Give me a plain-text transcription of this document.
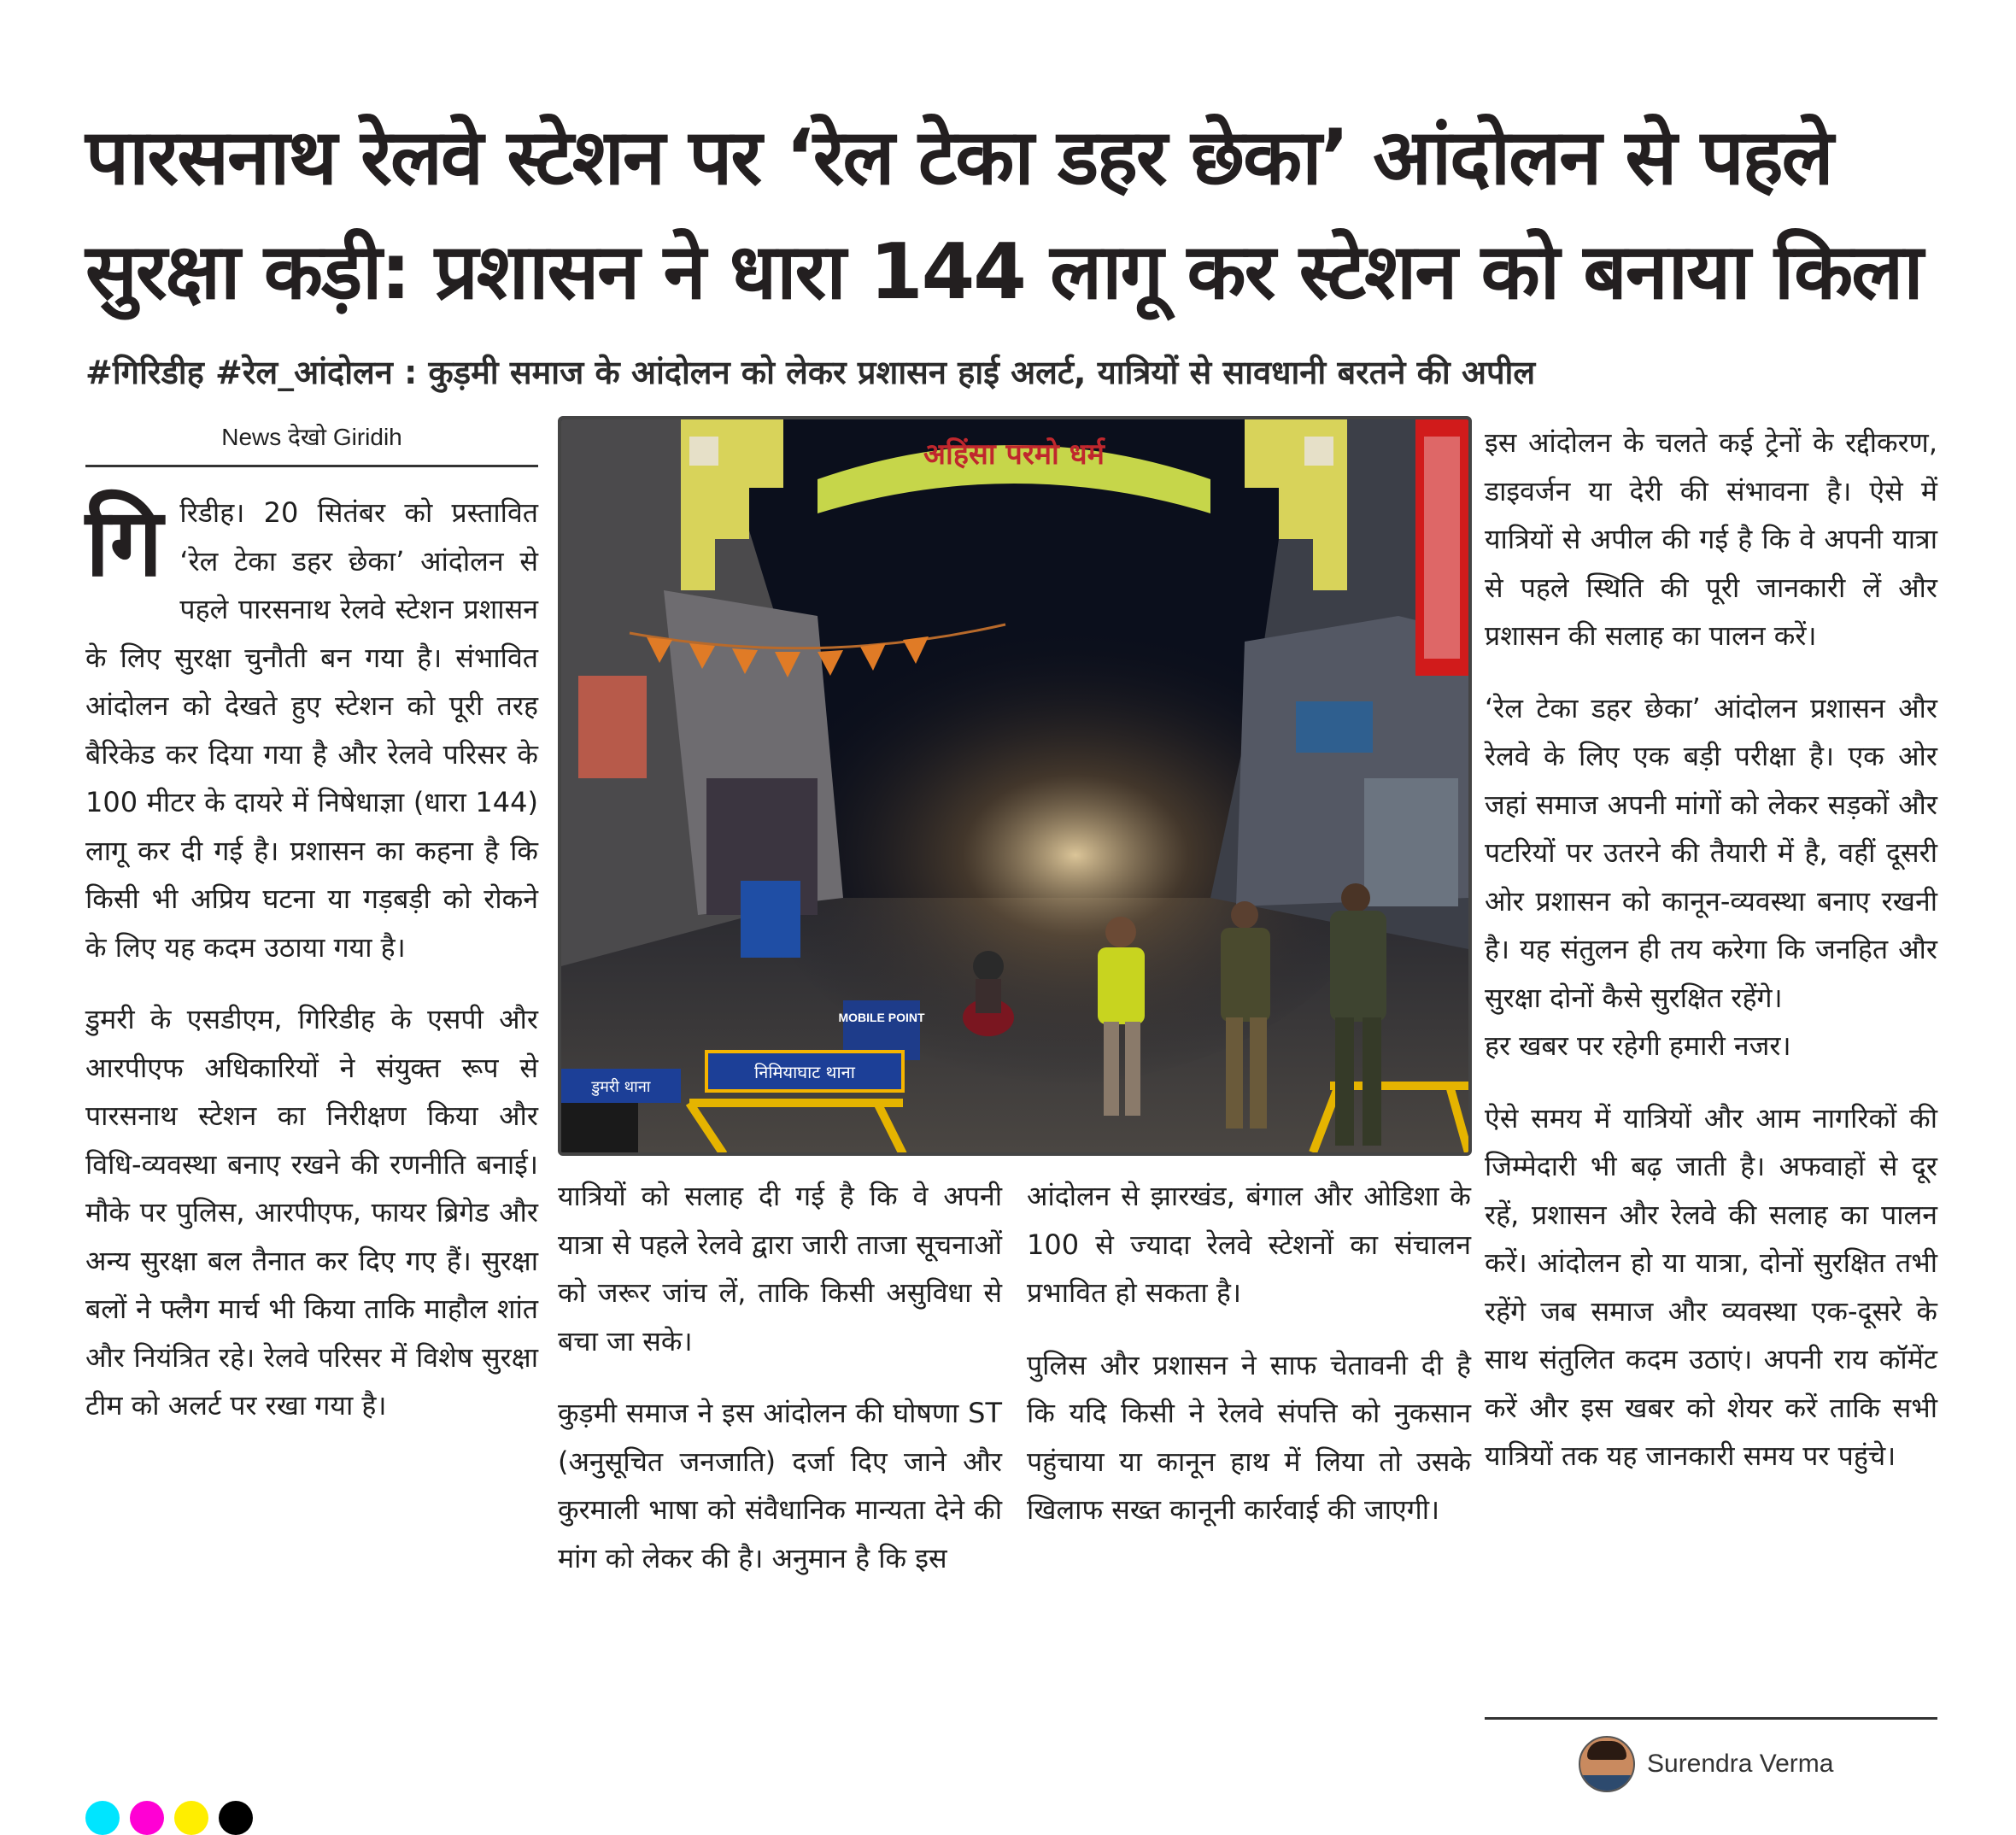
पारसनाथ रेलवे स्टेशन पर ‘रेल टेका डहर छेका’ आंदोलन से पहले सुरक्षा कड़ी: प्रशासन ने धारा 144 लागू कर स्टेशन को बनाया किला
#गिरिडीह #रेल_आंदोलन : कुड़मी समाज के आंदोलन को लेकर प्रशासन हाई अलर्ट, यात्रियों से सावधानी बरतने की अपील
News देखो Giridih

गिरिडीह। 20 सितंबर को प्रस्तावित ‘रेल टेका डहर छेका’ आंदोलन से पहले पारसनाथ रेलवे स्टेशन प्रशासन के लिए सुरक्षा चुनौती बन गया है। संभावित आंदोलन को देखते हुए स्टेशन को पूरी तरह बैरिकेड कर दिया गया है और रेलवे परिसर के 100 मीटर के दायरे में निषेधाज्ञा (धारा 144) लागू कर दी गई है। प्रशासन का कहना है कि किसी भी अप्रिय घटना या गड़बड़ी को रोकने के लिए यह कदम उठाया गया है।

डुमरी के एसडीएम, गिरिडीह के एसपी और आरपीएफ अधिकारियों ने संयुक्त रूप से पारसनाथ स्टेशन का निरीक्षण किया और विधि-व्यवस्था बनाए रखने की रणनीति बनाई। मौके पर पुलिस, आरपीएफ, फायर ब्रिगेड और अन्य सुरक्षा बल तैनात कर दिए गए हैं। सुरक्षा बलों ने फ्लैग मार्च भी किया ताकि माहौल शांत और नियंत्रित रहे। रेलवे परिसर में विशेष सुरक्षा टीम को अलर्ट पर रखा गया है।

अहिंसा परमो धर्म
MOBILE POINT
डुमरी थाना
निमियाघाट थाना

यात्रियों को सलाह दी गई है कि वे अपनी यात्रा से पहले रेलवे द्वारा जारी ताजा सूचनाओं को जरूर जांच लें, ताकि किसी असुविधा से बचा जा सके।

कुड़मी समाज ने इस आंदोलन की घोषणा ST (अनुसूचित जनजाति) दर्जा दिए जाने और कुरमाली भाषा को संवैधानिक मान्यता देने की मांग को लेकर की है। अनुमान है कि इस

आंदोलन से झारखंड, बंगाल और ओडिशा के 100 से ज्यादा रेलवे स्टेशनों का संचालन प्रभावित हो सकता है।

पुलिस और प्रशासन ने साफ चेतावनी दी है कि यदि किसी ने रेलवे संपत्ति को नुकसान पहुंचाया या कानून हाथ में लिया तो उसके खिलाफ सख्त कानूनी कार्रवाई की जाएगी।

इस आंदोलन के चलते कई ट्रेनों के रद्दीकरण, डाइवर्जन या देरी की संभावना है। ऐसे में यात्रियों से अपील की गई है कि वे अपनी यात्रा से पहले स्थिति की पूरी जानकारी लें और प्रशासन की सलाह का पालन करें।

‘रेल टेका डहर छेका’ आंदोलन प्रशासन और रेलवे के लिए एक बड़ी परीक्षा है। एक ओर जहां समाज अपनी मांगों को लेकर सड़कों और पटरियों पर उतरने की तैयारी में है, वहीं दूसरी ओर प्रशासन को कानून-व्यवस्था बनाए रखनी है। यह संतुलन ही तय करेगा कि जनहित और सुरक्षा दोनों कैसे सुरक्षित रहेंगे।

हर खबर पर रहेगी हमारी नजर।

ऐसे समय में यात्रियों और आम नागरिकों की जिम्मेदारी भी बढ़ जाती है। अफवाहों से दूर रहें, प्रशासन और रेलवे की सलाह का पालन करें। आंदोलन हो या यात्रा, दोनों सुरक्षित तभी रहेंगे जब समाज और व्यवस्था एक-दूसरे के साथ संतुलित कदम उठाएं। अपनी राय कॉमेंट करें और इस खबर को शेयर करें ताकि सभी यात्रियों तक यह जानकारी समय पर पहुंचे।

Surendra Verma
